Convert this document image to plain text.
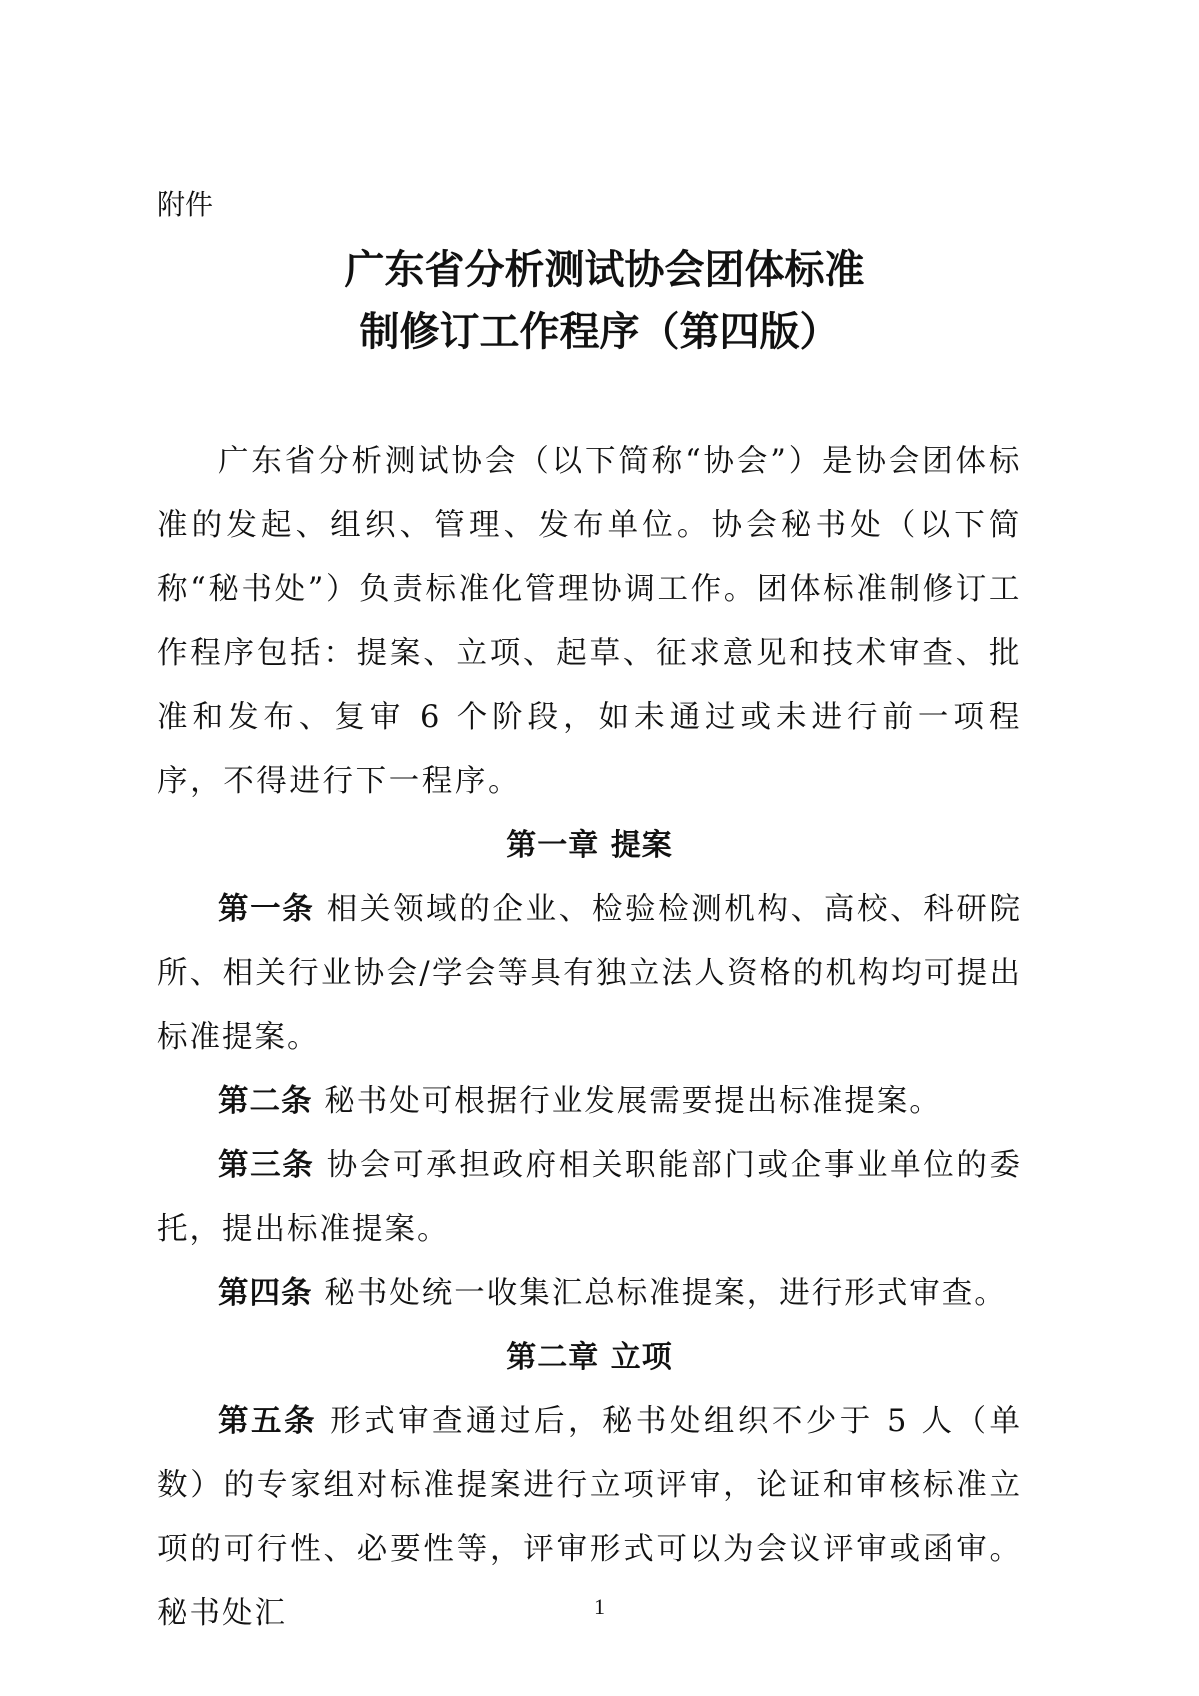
附件
广东省分析测试协会团体标准
制修订工作程序（第四版）

广东省分析测试协会（以下简称“协会”）是协会团体标准的发起、组织、管理、发布单位。协会秘书处（以下简称“秘书处”）负责标准化管理协调工作。团体标准制修订工作程序包括：提案、立项、起草、征求意见和技术审查、批准和发布、复审 6 个阶段，如未通过或未进行前一项程序，不得进行下一程序。

第一章 提案

第一条 相关领域的企业、检验检测机构、高校、科研院所、相关行业协会/学会等具有独立法人资格的机构均可提出标准提案。

第二条 秘书处可根据行业发展需要提出标准提案。

第三条 协会可承担政府相关职能部门或企事业单位的委托，提出标准提案。

第四条 秘书处统一收集汇总标准提案，进行形式审查。

第二章 立项

第五条 形式审查通过后，秘书处组织不少于 5 人（单数）的专家组对标准提案进行立项评审，论证和审核标准立项的可行性、必要性等，评审形式可以为会议评审或函审。秘书处汇	1
